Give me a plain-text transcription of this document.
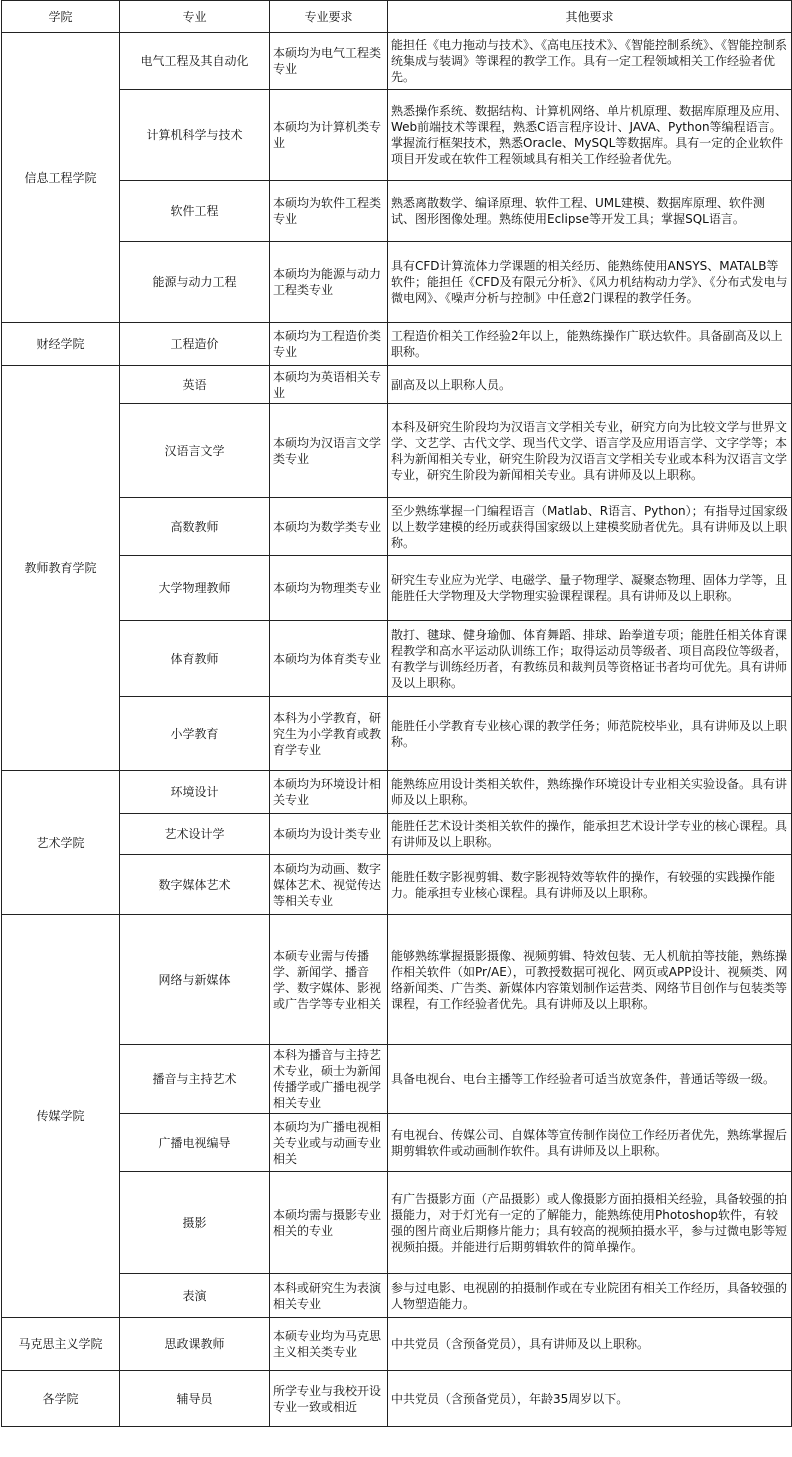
学院	专业	专业要求	其他要求
信息工程学院	电气工程及其自动化	本硕均为电气工程类专业	能担任《电力拖动与技术》、《高电压技术》、《智能控制系统》、《智能控制系统集成与装调》等课程的教学工作。具有一定工程领域相关工作经验者优先。
	计算机科学与技术	本硕均为计算机类专业	熟悉操作系统、数据结构、计算机网络、单片机原理、数据库原理及应用、Web前端技术等课程，熟悉C语言程序设计、JAVA、Python等编程语言。掌握流行框架技术，熟悉Oracle、MySQL等数据库。具有一定的企业软件项目开发或在软件工程领域具有相关工作经验者优先。
	软件工程	本硕均为软件工程类专业	熟悉离散数学、编译原理、软件工程、UML建模、数据库原理、软件测试、图形图像处理。熟练使用Eclipse等开发工具；掌握SQL语言。
	能源与动力工程	本硕均为能源与动力工程类专业	具有CFD计算流体力学课题的相关经历、能熟练使用ANSYS、MATALB等软件；能担任《CFD及有限元分析》、《风力机结构动力学》、《分布式发电与微电网》、《噪声分析与控制》中任意2门课程的教学任务。
财经学院	工程造价	本硕均为工程造价类专业	工程造价相关工作经验2年以上，能熟练操作广联达软件。具备副高及以上职称。
教师教育学院	英语	本硕均为英语相关专业	副高及以上职称人员。
	汉语言文学	本硕均为汉语言文学类专业	本科及研究生阶段均为汉语言文学相关专业，研究方向为比较文学与世界文学、文艺学、古代文学、现当代文学、语言学及应用语言学、文字学等；本科为新闻相关专业，研究生阶段为汉语言文学相关专业或本科为汉语言文学专业，研究生阶段为新闻相关专业。具有讲师及以上职称。
	高数教师	本硕均为数学类专业	至少熟练掌握一门编程语言（Matlab、R语言、Python）；有指导过国家级以上数学建模的经历或获得国家级以上建模奖励者优先。具有讲师及以上职称。
	大学物理教师	本硕均为物理类专业	研究生专业应为光学、电磁学、量子物理学、凝聚态物理、固体力学等，且能胜任大学物理及大学物理实验课程课程。具有讲师及以上职称。
	体育教师	本硕均为体育类专业	散打、毽球、健身瑜伽、体育舞蹈、排球、跆拳道专项；能胜任相关体育课程教学和高水平运动队训练工作；取得运动员等级者、项目高段位等级者，有教学与训练经历者，有教练员和裁判员等资格证书者均可优先。具有讲师及以上职称。
	小学教育	本科为小学教育，研究生为小学教育或教育学专业	能胜任小学教育专业核心课的教学任务；师范院校毕业，具有讲师及以上职称。
艺术学院	环境设计	本硕均为环境设计相关专业	能熟练应用设计类相关软件，熟练操作环境设计专业相关实验设备。具有讲师及以上职称。
	艺术设计学	本硕均为设计类专业	能胜任艺术设计类相关软件的操作，能承担艺术设计学专业的核心课程。具有讲师及以上职称。
	数字媒体艺术	本硕均为动画、数字媒体艺术、视觉传达等相关专业	能胜任数字影视剪辑、数字影视特效等软件的操作，有较强的实践操作能力。能承担专业核心课程。具有讲师及以上职称。
传媒学院	网络与新媒体	本硕专业需与传播学、新闻学、播音学、数字媒体、影视或广告学等专业相关	能够熟练掌握摄影摄像、视频剪辑、特效包装、无人机航拍等技能，熟练操作相关软件（如Pr/AE），可教授数据可视化、网页或APP设计、视频类、网络新闻类、广告类、新媒体内容策划制作运营类、网络节目创作与包装类等课程，有工作经验者优先。具有讲师及以上职称。
	播音与主持艺术	本科为播音与主持艺术专业，硕士为新闻传播学或广播电视学相关专业	具备电视台、电台主播等工作经验者可适当放宽条件，普通话等级一级。
	广播电视编导	本硕均为广播电视相关专业或与动画专业相关	有电视台、传媒公司、自媒体等宣传制作岗位工作经历者优先，熟练掌握后期剪辑软件或动画制作软件。具有讲师及以上职称。
	摄影	本硕均需与摄影专业相关的专业	有广告摄影方面（产品摄影）或人像摄影方面拍摄相关经验，具备较强的拍摄能力，对于灯光有一定的了解能力，能熟练使用Photoshop软件，有较强的图片商业后期修片能力；具有较高的视频拍摄水平，参与过微电影等短视频拍摄。并能进行后期剪辑软件的简单操作。
	表演	本科或研究生为表演相关专业	参与过电影、电视剧的拍摄制作或在专业院团有相关工作经历，具备较强的人物塑造能力。
马克思主义学院	思政课教师	本硕专业均为马克思主义相关类专业	中共党员（含预备党员），具有讲师及以上职称。
各学院	辅导员	所学专业与我校开设专业一致或相近	中共党员（含预备党员），年龄35周岁以下。
